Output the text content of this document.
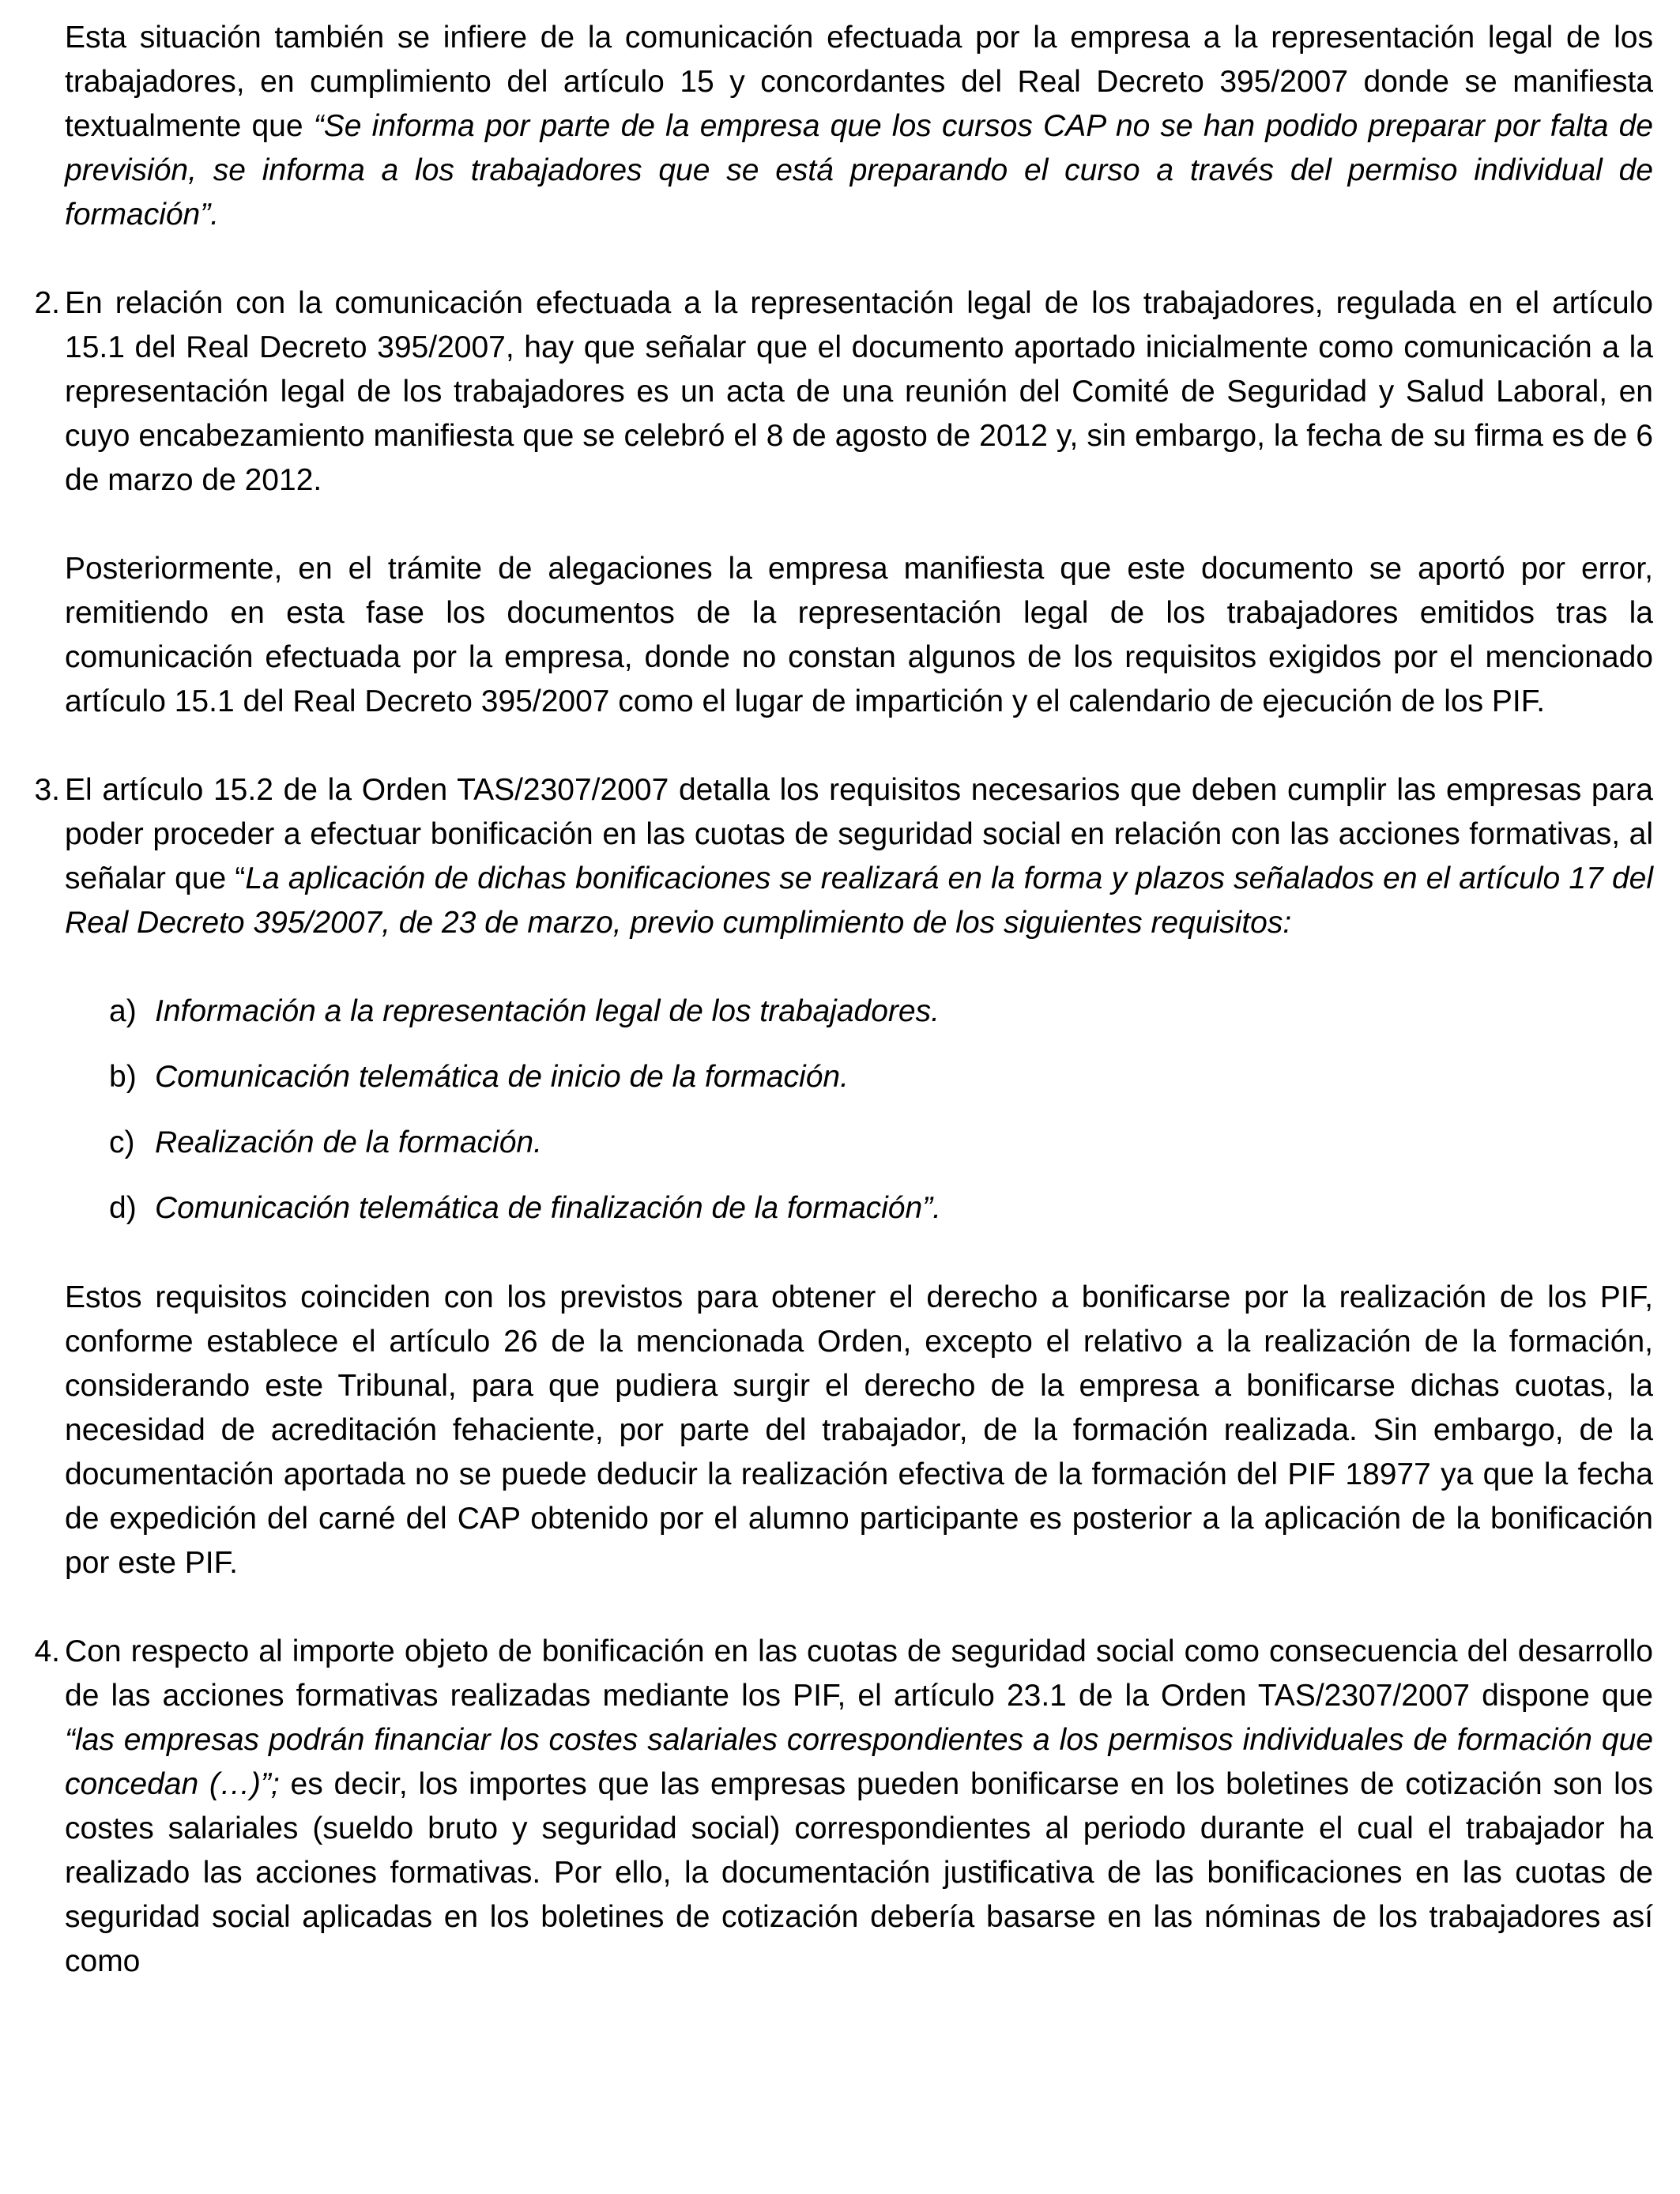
Esta situación también se infiere de la comunicación efectuada por la empresa a la representación legal de los trabajadores, en cumplimiento del artículo 15 y concordantes del Real Decreto 395/2007 donde se manifiesta textualmente que “Se informa por parte de la empresa que los cursos CAP no se han podido preparar por falta de previsión, se informa a los trabajadores que se está preparando el curso a través del permiso individual de formación”.

2. En relación con la comunicación efectuada a la representación legal de los trabajadores, regulada en el artículo 15.1 del Real Decreto 395/2007, hay que señalar que el documento aportado inicialmente como comunicación a la representación legal de los trabajadores es un acta de una reunión del Comité de Seguridad y Salud Laboral, en cuyo encabezamiento manifiesta que se celebró el 8 de agosto de 2012 y, sin embargo, la fecha de su firma es de 6 de marzo de 2012.

Posteriormente, en el trámite de alegaciones la empresa manifiesta que este documento se aportó por error, remitiendo en esta fase los documentos de la representación legal de los trabajadores emitidos tras la comunicación efectuada por la empresa, donde no constan algunos de los requisitos exigidos por el mencionado artículo 15.1 del Real Decreto 395/2007 como el lugar de impartición y el calendario de ejecución de los PIF.

3. El artículo 15.2 de la Orden TAS/2307/2007 detalla los requisitos necesarios que deben cumplir las empresas para poder proceder a efectuar bonificación en las cuotas de seguridad social en relación con las acciones formativas, al señalar que “La aplicación de dichas bonificaciones se realizará en la forma y plazos señalados en el artículo 17 del Real Decreto 395/2007, de 23 de marzo, previo cumplimiento de los siguientes requisitos:

a) Información a la representación legal de los trabajadores.
b) Comunicación telemática de inicio de la formación.
c) Realización de la formación.
d) Comunicación telemática de finalización de la formación”.

Estos requisitos coinciden con los previstos para obtener el derecho a bonificarse por la realización de los PIF, conforme establece el artículo 26 de la mencionada Orden, excepto el relativo a la realización de la formación, considerando este Tribunal, para que pudiera surgir el derecho de la empresa a bonificarse dichas cuotas, la necesidad de acreditación fehaciente, por parte del trabajador, de la formación realizada. Sin embargo, de la documentación aportada no se puede deducir la realización efectiva de la formación del PIF 18977 ya que la fecha de expedición del carné del CAP obtenido por el alumno participante es posterior a la aplicación de la bonificación por este PIF.

4. Con respecto al importe objeto de bonificación en las cuotas de seguridad social como consecuencia del desarrollo de las acciones formativas realizadas mediante los PIF, el artículo 23.1 de la Orden TAS/2307/2007 dispone que “las empresas podrán financiar los costes salariales correspondientes a los permisos individuales de formación que concedan (…)”; es decir, los importes que las empresas pueden bonificarse en los boletines de cotización son los costes salariales (sueldo bruto y seguridad social) correspondientes al periodo durante el cual el trabajador ha realizado las acciones formativas. Por ello, la documentación justificativa de las bonificaciones en las cuotas de seguridad social aplicadas en los boletines de cotización debería basarse en las nóminas de los trabajadores así como
